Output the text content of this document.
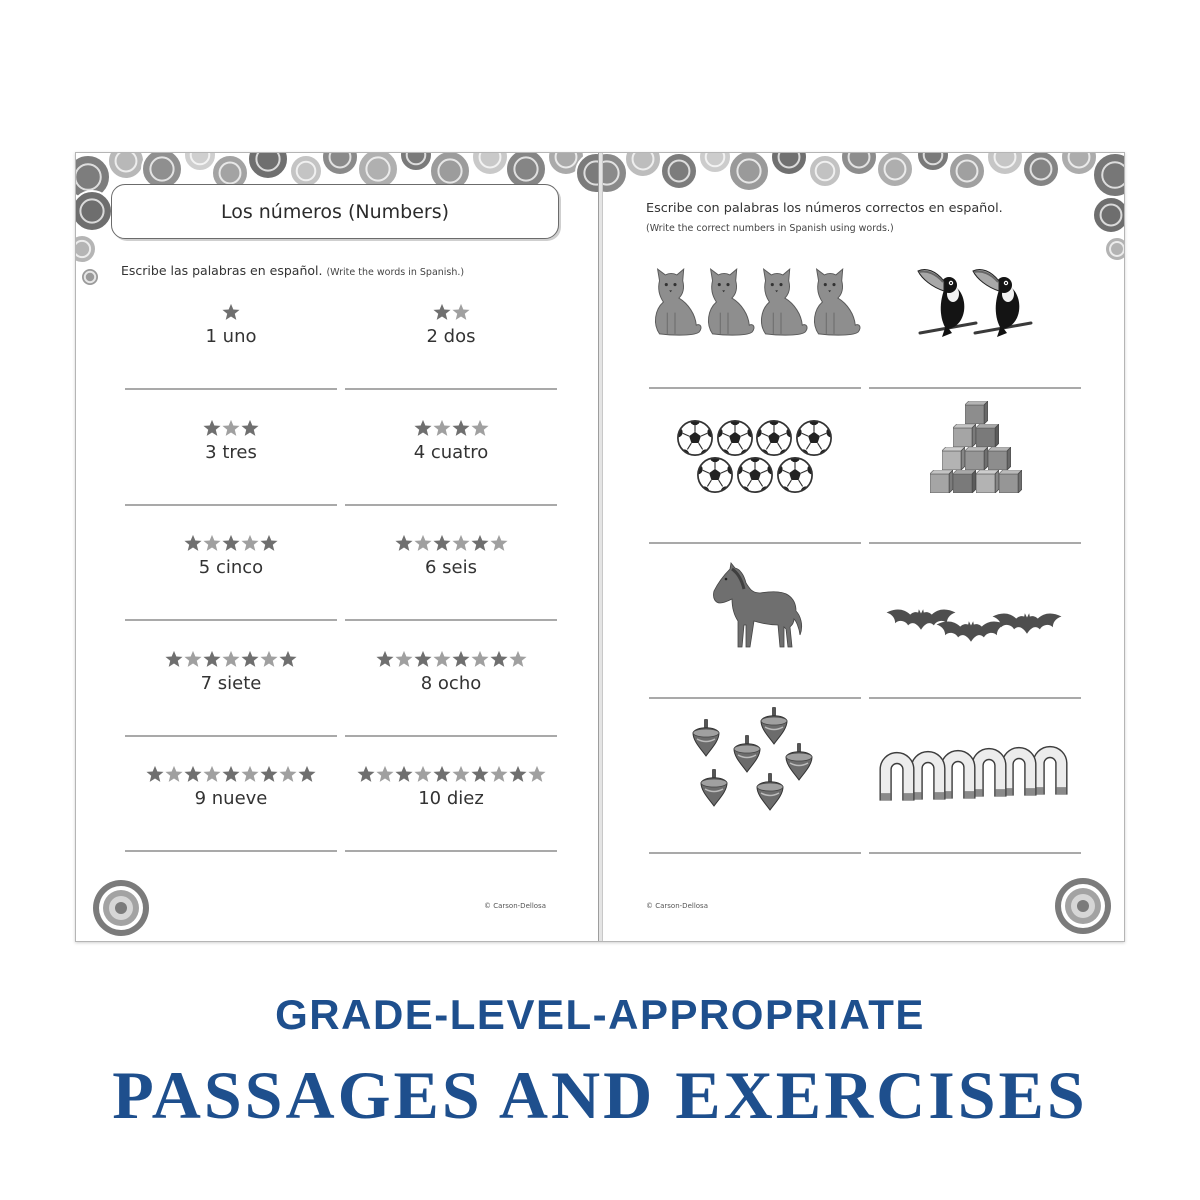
Los números (Numbers)
Escribe las palabras en español. (Write the words in Spanish.)
1 uno	2 dos
3 tres	4 cuatro
5 cinco	6 seis
7 siete	8 ocho
9 nueve	10 diez
© Carson-Dellosa
Escribe con palabras los números correctos en español.
(Write the correct numbers in Spanish using words.)
© Carson-Dellosa
GRADE-LEVEL-APPROPRIATE
PASSAGES AND EXERCISES
